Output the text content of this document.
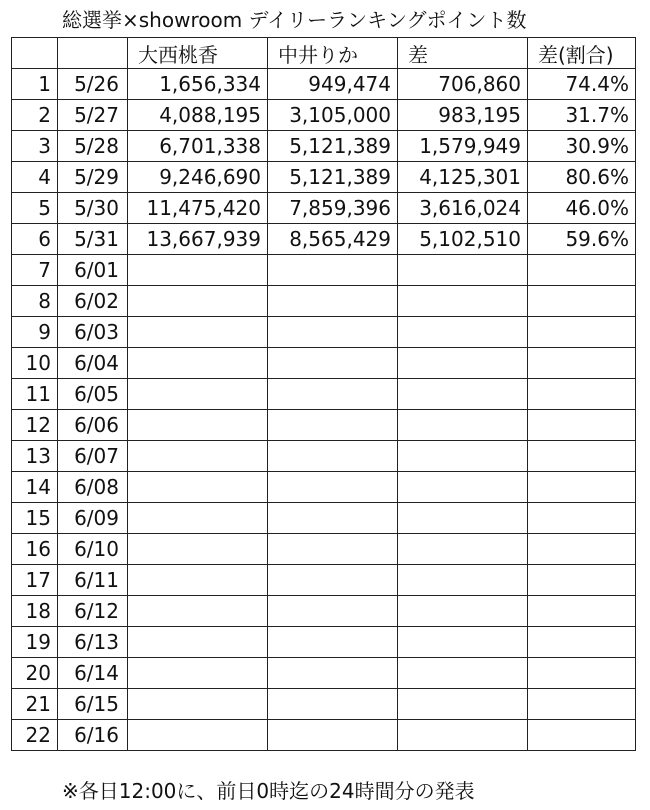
総選挙×showroom デイリーランキングポイント数
		大西桃香	中井りか	差	差(割合)
1	5/26	1,656,334	949,474	706,860	74.4%
2	5/27	4,088,195	3,105,000	983,195	31.7%
3	5/28	6,701,338	5,121,389	1,579,949	30.9%
4	5/29	9,246,690	5,121,389	4,125,301	80.6%
5	5/30	11,475,420	7,859,396	3,616,024	46.0%
6	5/31	13,667,939	8,565,429	5,102,510	59.6%
7	6/01				
8	6/02				
9	6/03				
10	6/04				
11	6/05				
12	6/06				
13	6/07				
14	6/08				
15	6/09				
16	6/10				
17	6/11				
18	6/12				
19	6/13				
20	6/14				
21	6/15				
22	6/16				
※各日12:00に、前日0時迄の24時間分の発表
